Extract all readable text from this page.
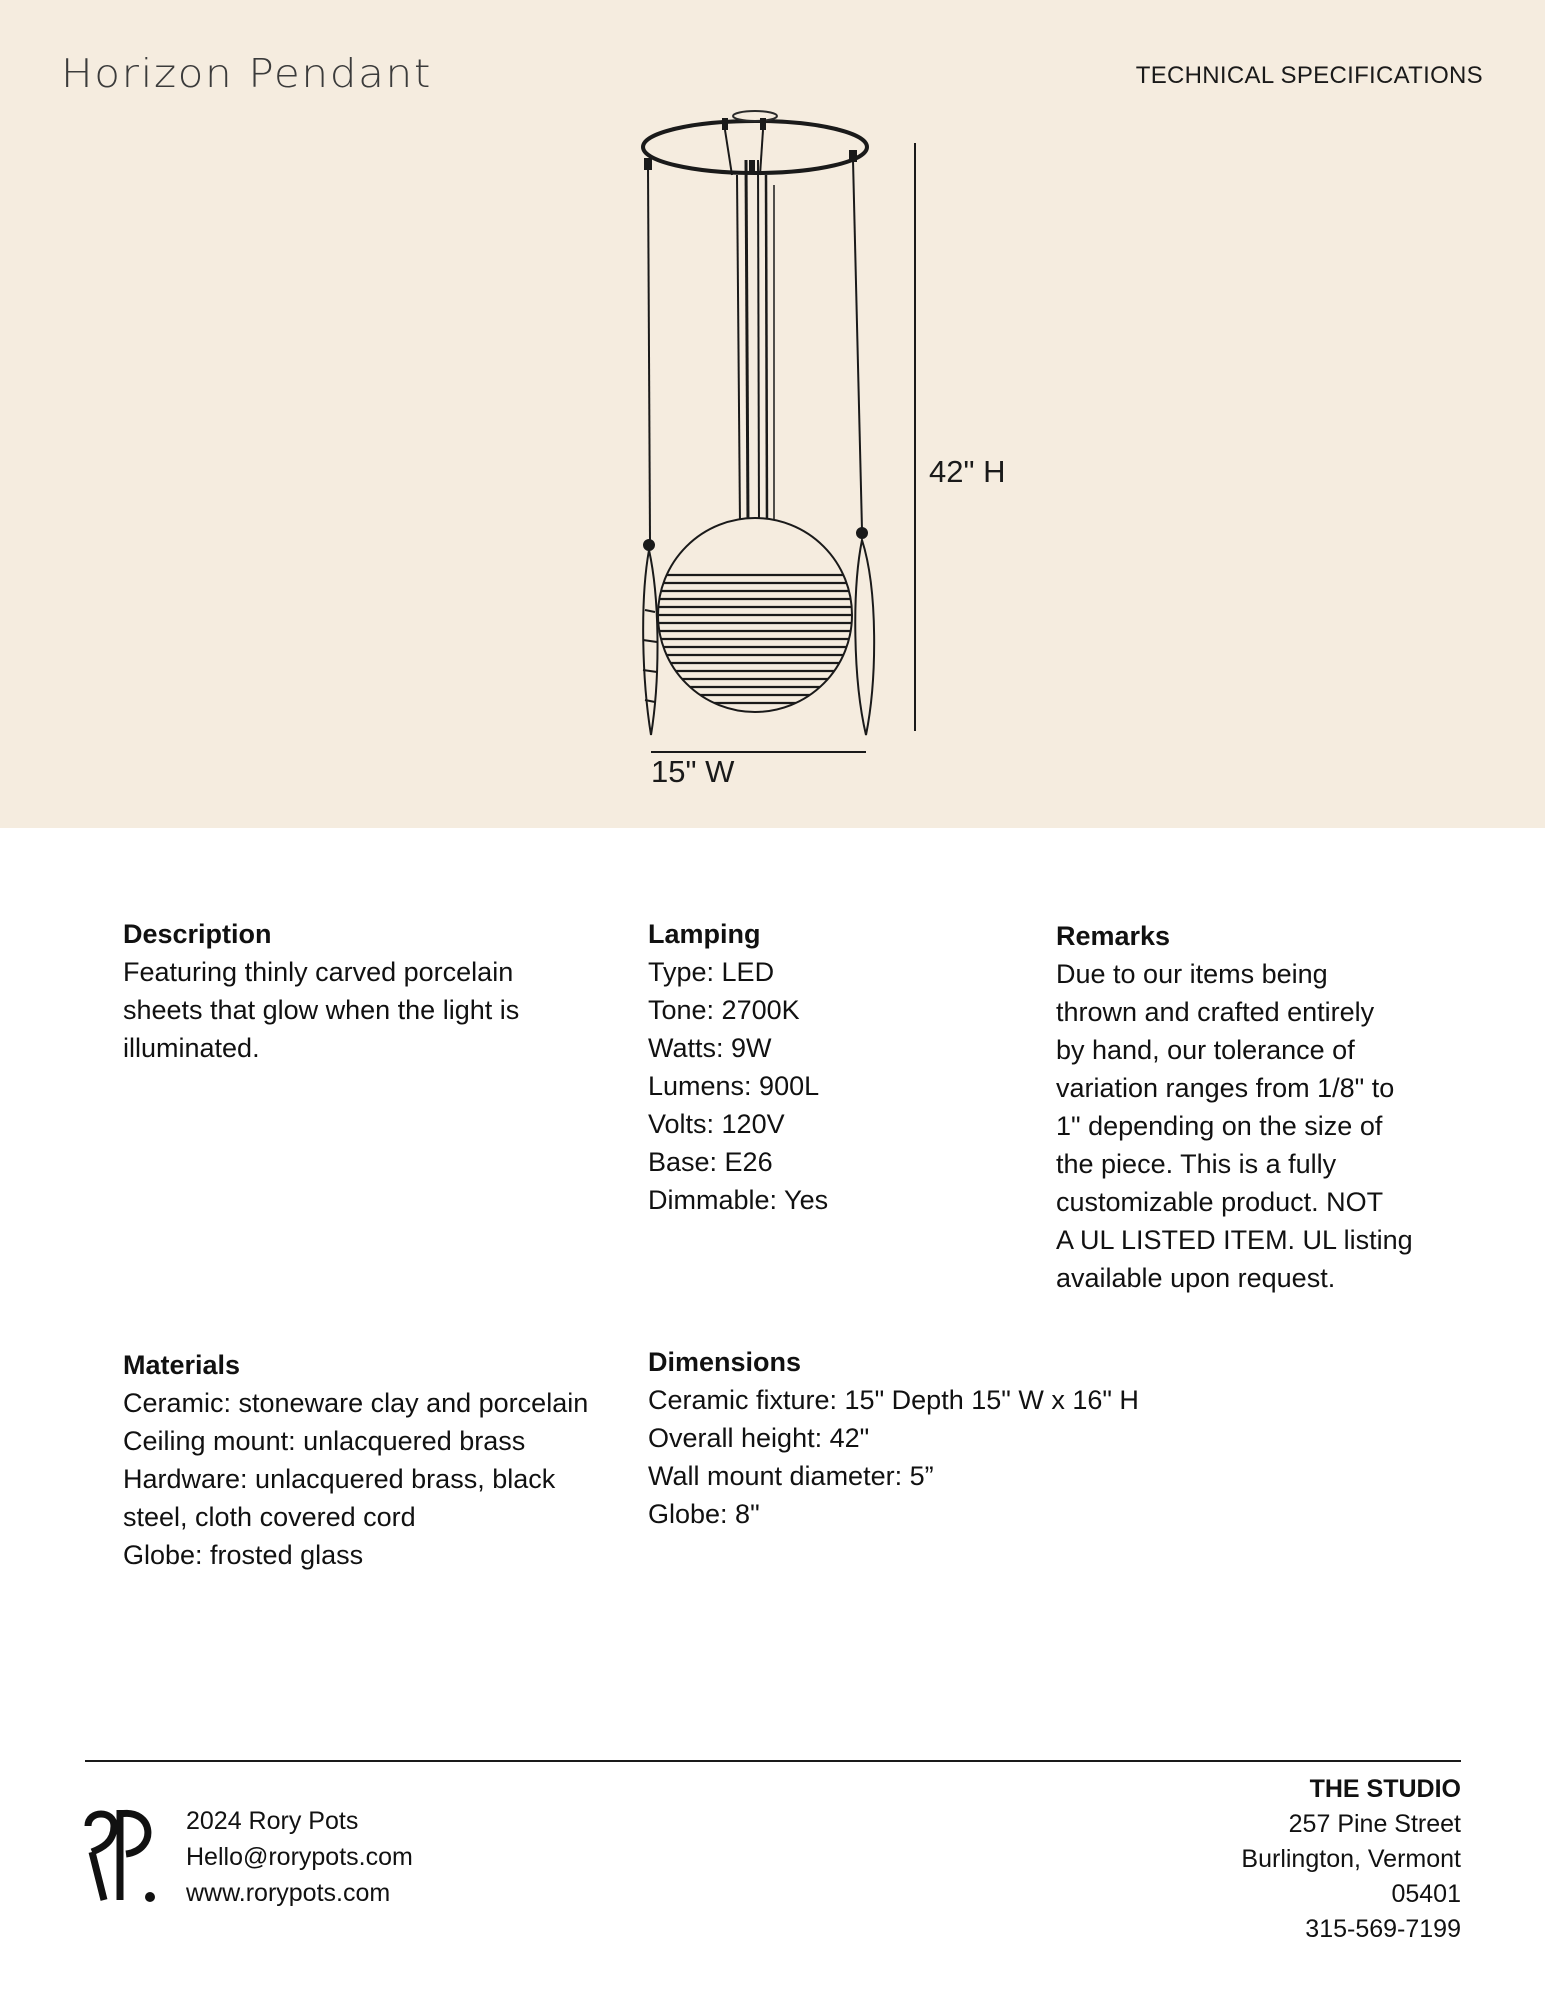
Horizon Pendant	TECHNICAL SPECIFICATIONS
42" H
15" W
Description
Featuring thinly carved porcelain
sheets that glow when the light is
illuminated.
Lamping
Type: LED
Tone: 2700K
Watts: 9W
Lumens: 900L
Volts: 120V
Base: E26
Dimmable: Yes
Remarks
Due to our items being
thrown and crafted entirely
by hand, our tolerance of
variation ranges from 1/8" to
1" depending on the size of
the piece. This is a fully
customizable product. NOT
A UL LISTED ITEM. UL listing
available upon request.
Materials
Ceramic: stoneware clay and porcelain
Ceiling mount: unlacquered brass
Hardware: unlacquered brass, black
steel, cloth covered cord
Globe: frosted glass
Dimensions
Ceramic fixture: 15" Depth 15" W x 16" H
Overall height: 42"
Wall mount diameter: 5”
Globe: 8"
2024 Rory Pots
Hello@rorypots.com
www.rorypots.com
THE STUDIO
257 Pine Street
Burlington, Vermont
05401
315-569-7199
